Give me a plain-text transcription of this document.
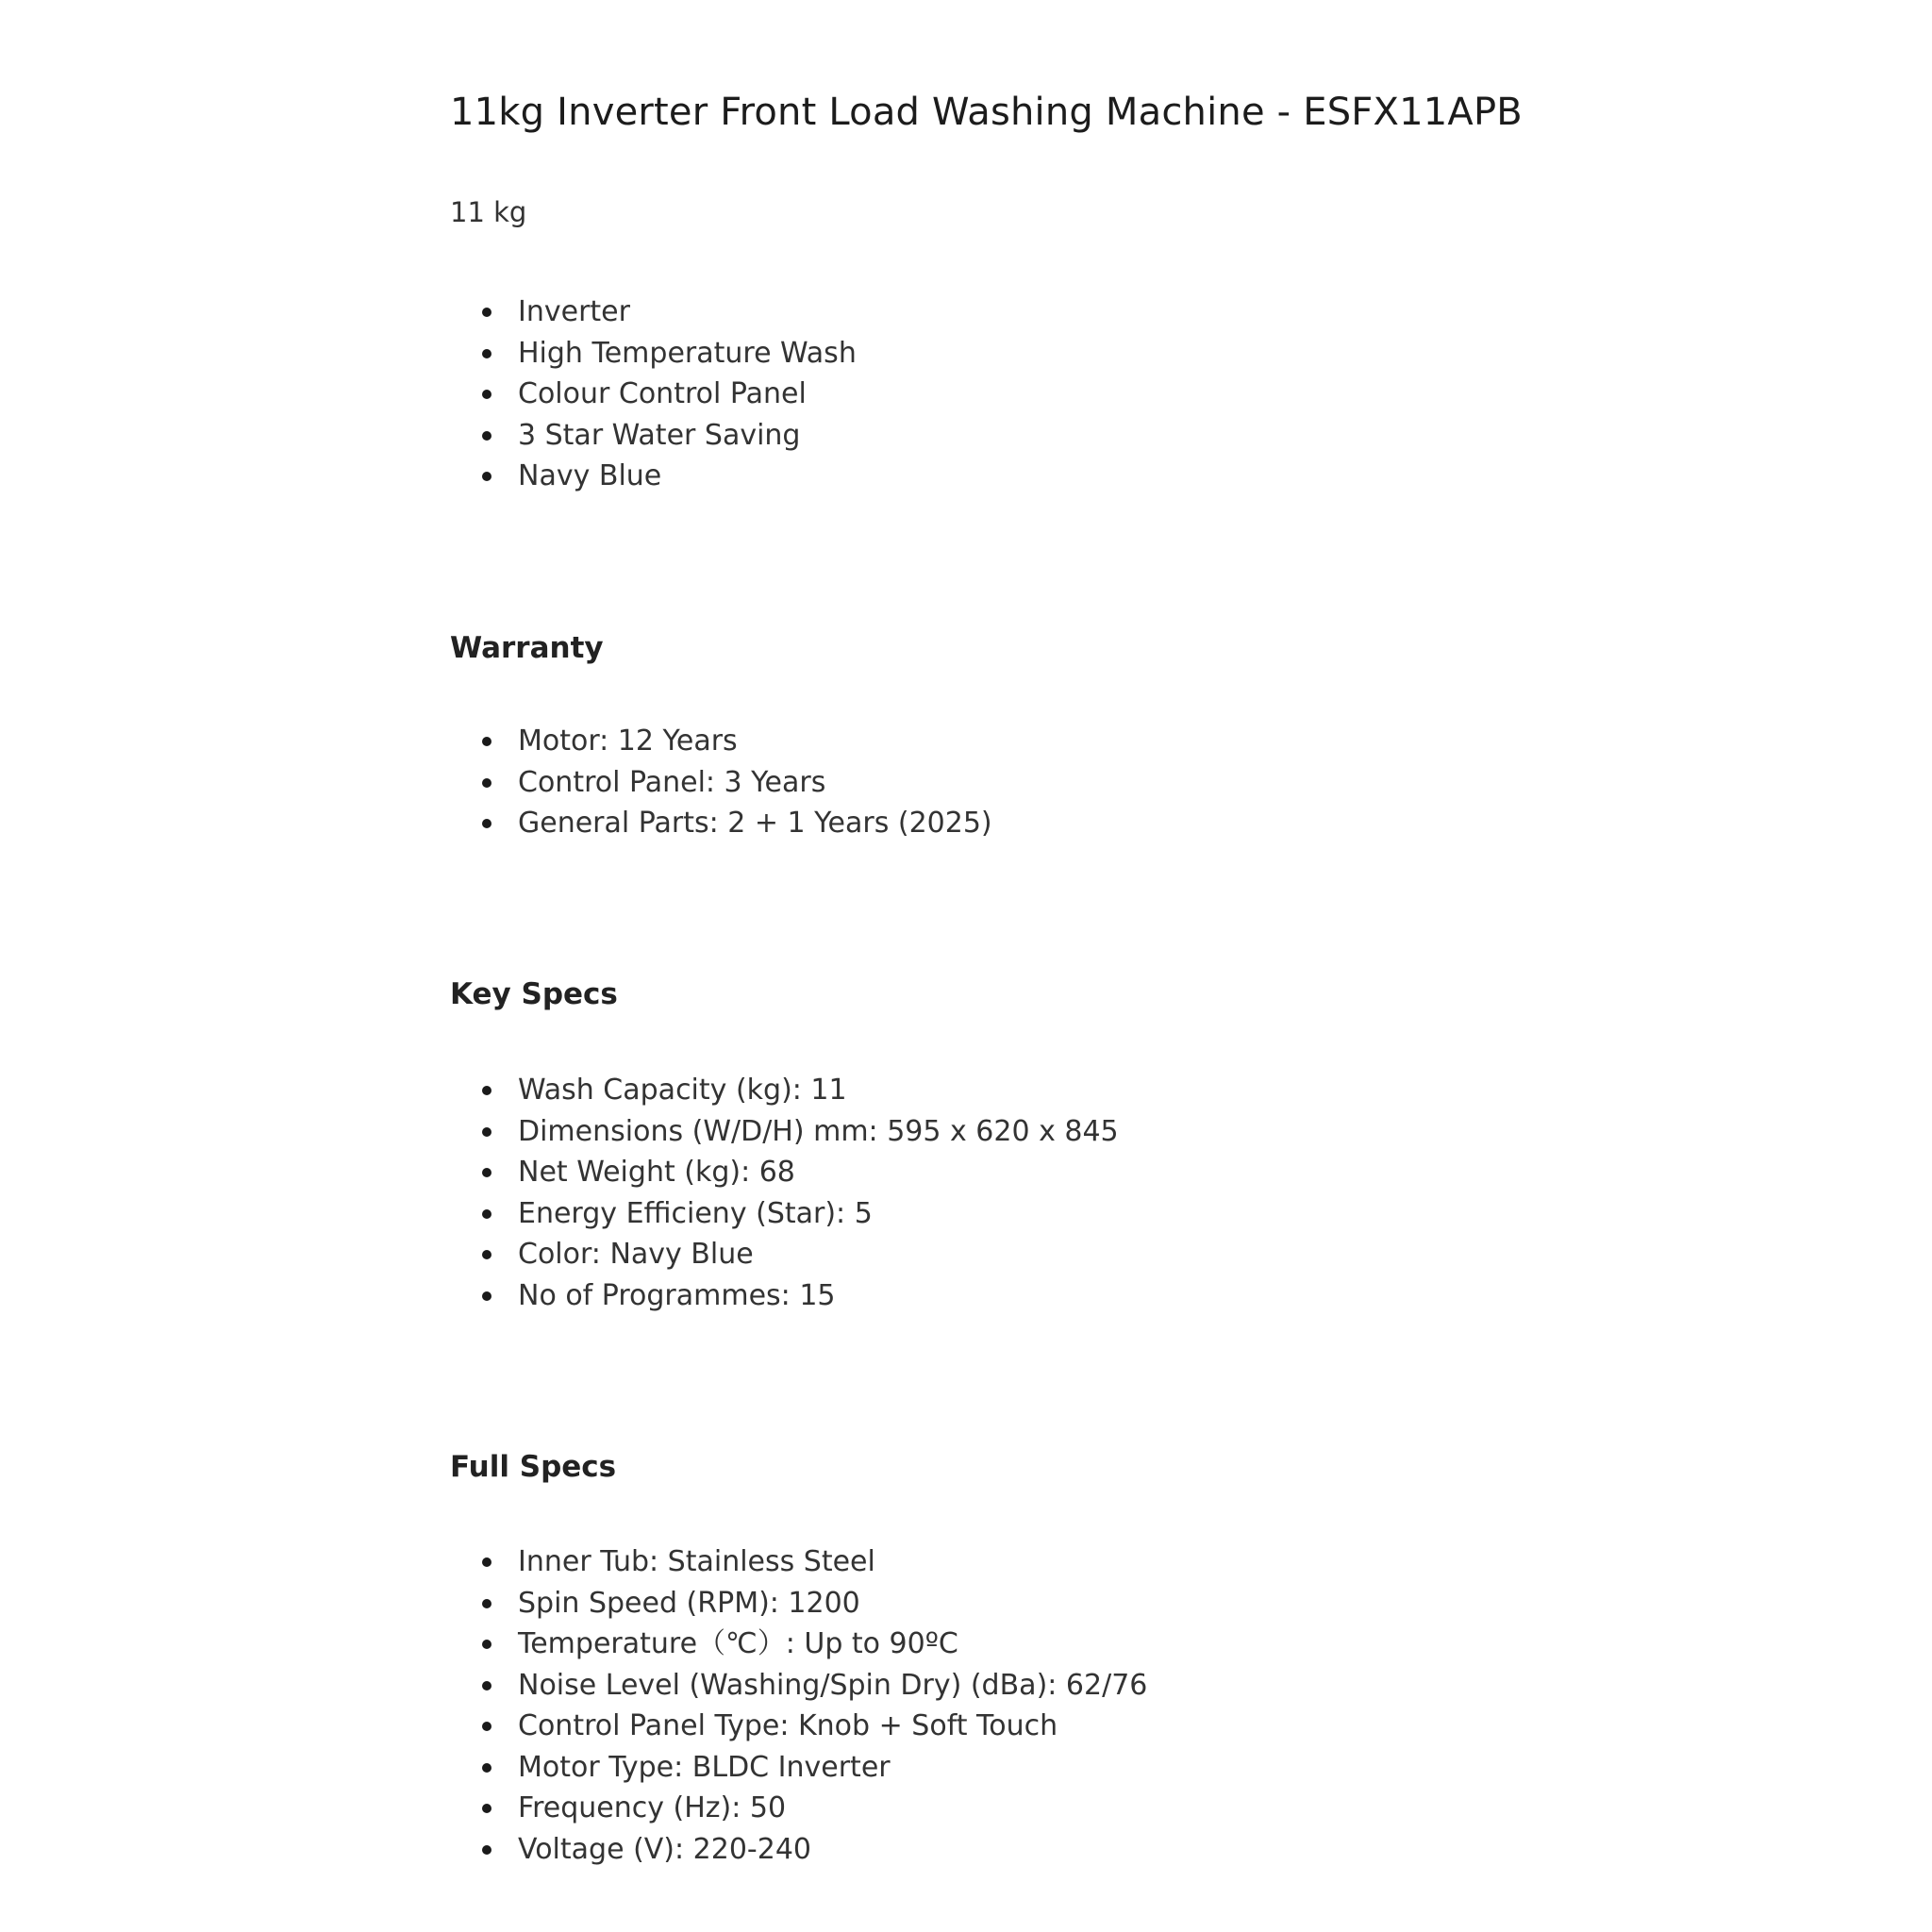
11kg Inverter Front Load Washing Machine - ESFX11APB
11 kg
Inverter
High Temperature Wash
Colour Control Panel
3 Star Water Saving
Navy Blue
Warranty
Motor: 12 Years
Control Panel: 3 Years
General Parts: 2 + 1 Years (2025)
Key Specs
Wash Capacity (kg): 11
Dimensions (W/D/H) mm: 595 x 620 x 845
Net Weight (kg): 68
Energy Efficieny (Star): 5
Color: Navy Blue
No of Programmes: 15
Full Specs
Inner Tub: Stainless Steel
Spin Speed (RPM): 1200
Temperature（℃）: Up to 90ºC
Noise Level (Washing/Spin Dry) (dBa): 62/76
Control Panel Type: Knob + Soft Touch
Motor Type: BLDC Inverter
Frequency (Hz): 50
Voltage (V): 220-240
